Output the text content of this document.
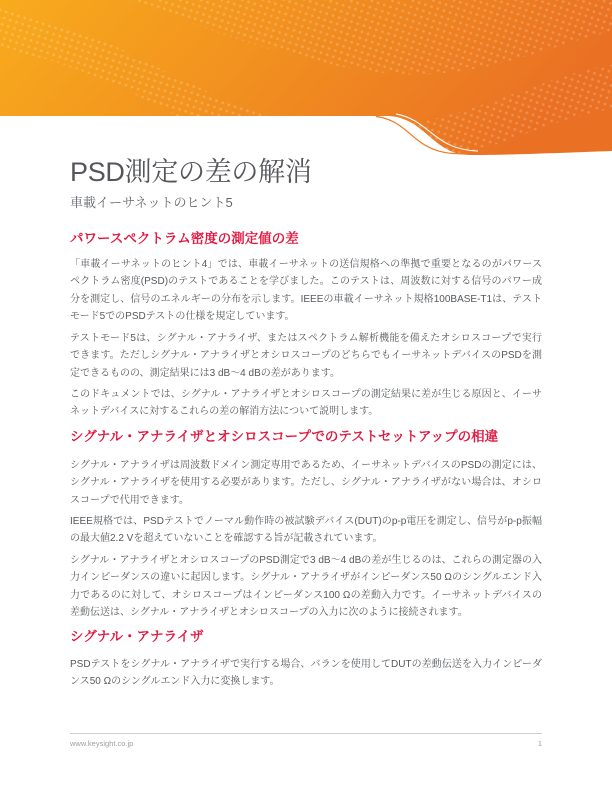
PSD測定の差の解消
車載イーサネットのヒント5
パワースペクトラム密度の測定値の差

「車載イーサネットのヒント4」では、車載イーサネットの送信規格への準拠で重要となるのがパワースペクトラム密度(PSD)のテストであることを学びました。このテストは、周波数に対する信号のパワー成分を測定し、信号のエネルギーの分布を示します。IEEEの車載イーサネット規格100BASE-T1は、テストモード5でのPSDテストの仕様を規定しています。

テストモード5は、シグナル・アナライザ、またはスペクトラム解析機能を備えたオシロスコープで実行できます。ただしシグナル・アナライザとオシロスコープのどちらでもイーサネットデバイスのPSDを測定できるものの、測定結果には3 dB〜4 dBの差があります。

このドキュメントでは、シグナル・アナライザとオシロスコープの測定結果に差が生じる原因と、イーサネットデバイスに対するこれらの差の解消方法について説明します。

シグナル・アナライザとオシロスコープでのテストセットアップの相違

シグナル・アナライザは周波数ドメイン測定専用であるため、イーサネットデバイスのPSDの測定には、シグナル・アナライザを使用する必要があります。ただし、シグナル・アナライザがない場合は、オシロスコープで代用できます。

IEEE規格では、PSDテストでノーマル動作時の被試験デバイス(DUT)のp-p電圧を測定し、信号がp-p振幅の最大値2.2 Vを超えていないことを確認する旨が記載されています。

シグナル・アナライザとオシロスコープのPSD測定で3 dB〜4 dBの差が生じるのは、これらの測定器の入力インピーダンスの違いに起因します。シグナル・アナライザがインピーダンス50 Ωのシングルエンド入力であるのに対して、オシロスコープはインピーダンス100 Ωの差動入力です。イーサネットデバイスの差動伝送は、シグナル・アナライザとオシロスコープの入力に次のように接続されます。

シグナル・アナライザ

PSDテストをシグナル・アナライザで実行する場合、バランを使用してDUTの差動伝送を入力インピーダンス50 Ωのシングルエンド入力に変換します。

www.keysight.co.jp	1
